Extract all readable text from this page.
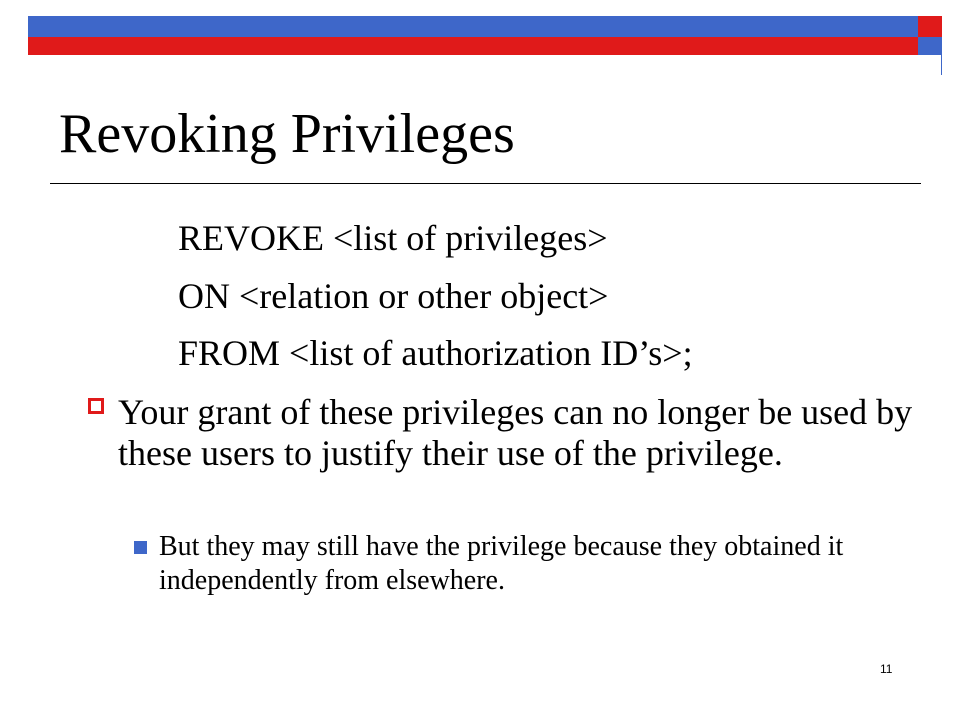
Revoking Privileges
REVOKE <list of privileges>
ON <relation or other object>
FROM <list of authorization ID’s>;
Your grant of these privileges can no longer be used by these users to justify their use of the privilege.
But they may still have the privilege because they obtained it independently from elsewhere.
11
